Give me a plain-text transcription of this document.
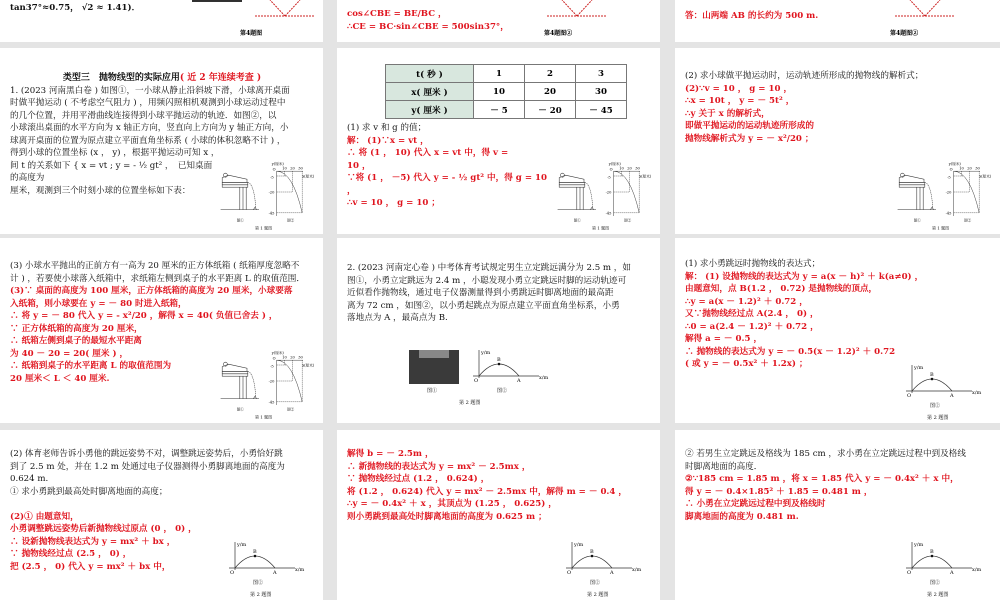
tan37°≈0.75， √2 ≈ 1.41)．
第4题图
cos∠CBE = BE/BC ，
∴CE = BC·sin∠CBE = 500sin37°，
第4题图②
答：山两端 AB 的长约为 500 m.
第4题图②
y(厘米)
x(厘米)
O 10 20 30
-5
-20
-45
图①	图②
第 1 题图
类型三　抛物线型的实际应用( 近 2 年连续考查 )
1. (2023 河南黑白卷 ) 如图①，一小球从静止沿斜坡下滑，小球离开桌面
时做平抛运动 ( 不考虑空气阻力 ) ，用频闪照相机观测到小球运动过程中
的几个位置，并用平滑曲线连接得到小球平抛运动的轨迹．如图②，以
小球滚出桌面的水平方向为 x 轴正方向，竖直向上方向为 y 轴正方向，小
球离开桌面的位置为原点建立平面直角坐标系 ( 小球的体积忽略不计 ) ，
得到小球的位置坐标 (x ， y) ，根据平抛运动可知 x ，
间 t 的关系如下 { x = vt ; y = - ½ gt² ，　已知桌面的高度为
厘米，观测到三个时刻小球的位置坐标如下表：
y(厘米)
x(厘米)
O 10 20 30
-5
-20
-45
图①	图②
第 1 题图
(1) 求 v 和 g 的值；
解： (1)∵x = vt ，
∴ 将 (1 ， 10) 代入 x = vt 中，得 v =
10 ，
∵将 (1 ， －5) 代入 y = - ½ gt² 中，得 g = 10 ，
∴v = 10 ， g = 10 ；
t( 秒 )	1	2	3
x( 厘米 )	10	20	30
y( 厘米 )	－ 5	－ 20	－ 45
y(厘米)
x(厘米)
O 10 20 30
-5
-20
-45
图①	图②
第 1 题图
(2) 求小球做平抛运动时，运动轨迹所形成的抛物线的解析式；
(2)∵v = 10 ， g = 10 ，
∴x = 10t ， y = － 5t² ，
∴y 关于 x 的解析式，
即做平抛运动的运动轨迹所形成的
抛物线解析式为 y = － x²/20 ；
y(厘米)
x(厘米)
O 10 20 30
-5
-20
-45
图①	图②
第 1 题图
(3) 小球水平抛出的正前方有一高为 20 厘米的正方体纸箱 ( 纸箱厚度忽略不
计 ) ，若要使小球落入纸箱中，求纸箱左侧到桌子的水平距离 L 的取值范围．
(3)∵ 桌面的高度为 100 厘米，正方体纸箱的高度为 20 厘米，小球要落
入纸箱，则小球要在 y = － 80 时进入纸箱，
∴ 将 y = － 80 代入 y = - x²/20 ，解得 x = 40( 负值已舍去 ) ，
∵ 正方体纸箱的高度为 20 厘米，
∴ 纸箱左侧到桌子的最短水平距离
为 40 － 20 = 20( 厘米 ) ，
∴ 纸箱到桌子的水平距离 L 的取值范围为
20 厘米＜ L ＜ 40 厘米.
2. (2023 河南定心卷 ) 中考体育考试规定男生立定跳远满分为 2.5 m ，如
图①，小勇立定跳远为 2.4 m ，小聪发现小勇立定跳远时脚的运动轨迹可
近似看作抛物线，通过电子仪器测量得到小勇跳远时脚离地面的最高距
离为 72 cm ，如图②，以小勇起跳点为原点建立平面直角坐标系，小勇
落地点为 A ，最高点为 B.
y/m
x/m
O	A
B
图②
图①
第 2 题图
y/m
x/m
O	A
B
图②
第 2 题图
(1) 求小勇跳远时抛物线的表达式；
解： (1) 设抛物线的表达式为 y = a(x － h)² ＋ k(a≠0) ，
由题意知，点 B(1.2 ， 0.72) 是抛物线的顶点，
∴y = a(x － 1.2)² ＋ 0.72 ，
又∵抛物线经过点 A(2.4 ， 0) ，
∴0 = a(2.4 － 1.2)² ＋ 0.72 ，
解得 a = － 0.5 ，
∴ 抛物线的表达式为 y = － 0.5(x － 1.2)² ＋ 0.72
( 或 y = － 0.5x² ＋ 1.2x) ；
y/m
x/m
O	A
B
图②
第 2 题图
(2) 体育老师告诉小勇他的跳远姿势不对，调整跳远姿势后，小勇恰好跳
到了 2.5 m 处，并在 1.2 m 处通过电子仪器测得小勇脚离地面的高度为
0.624 m.
① 求小勇跳到最高处时脚离地面的高度；

(2)① 由题意知，
小勇调整跳远姿势后新抛物线过原点 (0 ， 0) ，
∴ 设新抛物线表达式为 y = mx² ＋ bx ，
∵ 抛物线经过点 (2.5 ， 0) ，
把 (2.5 ， 0) 代入 y = mx² ＋ bx 中，
y/m
x/m
O	A
B
图②
第 2 题图
解得 b = － 2.5m ，
∴ 新抛物线的表达式为 y = mx² － 2.5mx ，
∵ 抛物线经过点 (1.2 ， 0.624) ，
将 (1.2 ， 0.624) 代入 y = mx² － 2.5mx 中，解得 m = － 0.4 ，
∴y = － 0.4x² ＋ x ，其顶点为 (1.25 ， 0.625) ，
则小勇跳到最高处时脚离地面的高度为 0.625 m ；
y/m
x/m
O	A
B
图②
第 2 题图
② 若男生立定跳远及格线为 185 cm ，求小勇在立定跳远过程中到及格线
时脚离地面的高度．
②∵185 cm = 1.85 m ，将 x = 1.85 代入 y = － 0.4x² ＋ x 中，
得 y = － 0.4×1.85² ＋ 1.85 = 0.481 m ，
∴ 小勇在立定跳远过程中到及格线时
脚离地面的高度为 0.481 m.
